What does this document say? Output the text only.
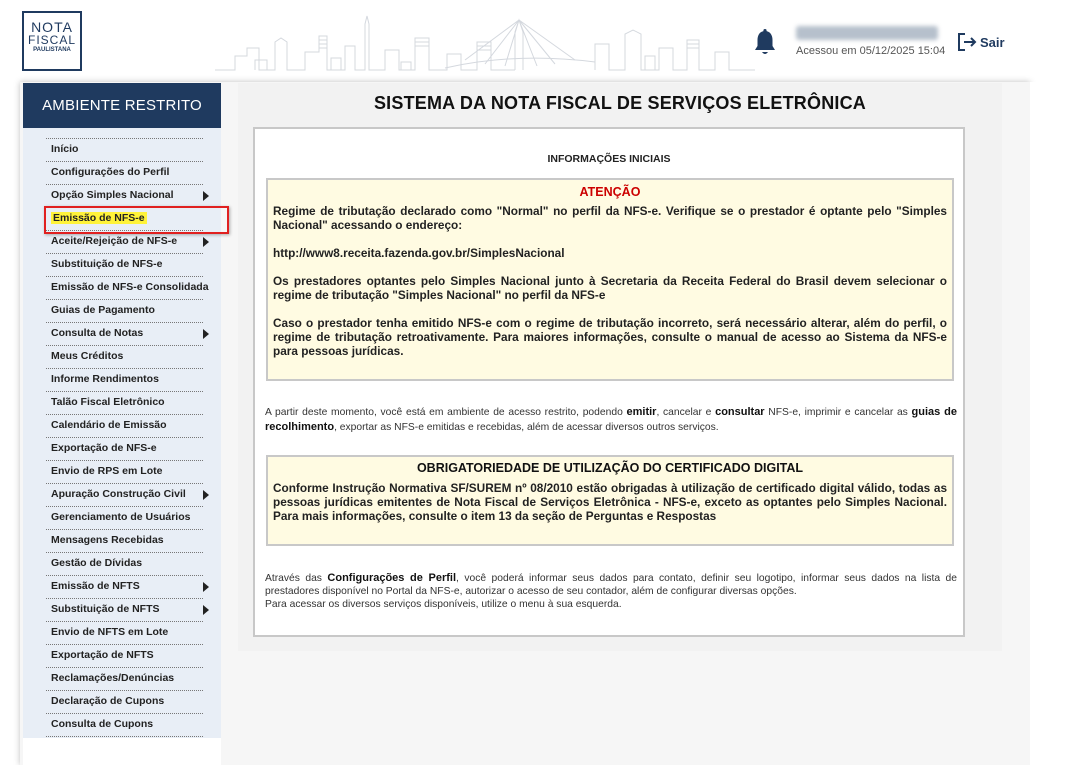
NOTA
FISCAL
PAULISTANA	Acessou em 05/12/2025 15:04
Sair
AMBIENTE RESTRITO
Início
Configurações do Perfil
Opção Simples Nacional
Emissão de NFS-e
Aceite/Rejeição de NFS-e
Substituição de NFS-e
Emissão de NFS-e Consolidada
Guias de Pagamento
Consulta de Notas
Meus Créditos
Informe Rendimentos
Talão Fiscal Eletrônico
Calendário de Emissão
Exportação de NFS-e
Envio de RPS em Lote
Apuração Construção Civil
Gerenciamento de Usuários
Mensagens Recebidas
Gestão de Dívidas
Emissão de NFTS
Substituição de NFTS
Envio de NFTS em Lote
Exportação de NFTS
Reclamações/Denúncias
Declaração de Cupons
Consulta de Cupons
SISTEMA DA NOTA FISCAL DE SERVIÇOS ELETRÔNICA
INFORMAÇÕES INICIAIS
ATENÇÃO

Regime de tributação declarado como "Normal" no perfil da NFS-e. Verifique se o prestador é optante pelo "Simples Nacional" acessando o endereço:

http://www8.receita.fazenda.gov.br/SimplesNacional

Os prestadores optantes pelo Simples Nacional junto à Secretaria da Receita Federal do Brasil devem selecionar o regime de tributação "Simples Nacional" no perfil da NFS-e

Caso o prestador tenha emitido NFS-e com o regime de tributação incorreto, será necessário alterar, além do perfil, o regime de tributação retroativamente. Para maiores informações, consulte o manual de acesso ao Sistema da NFS-e para pessoas jurídicas.

A partir deste momento, você está em ambiente de acesso restrito, podendo emitir, cancelar e consultar NFS-e, imprimir e cancelar as guias de recolhimento, exportar as NFS-e emitidas e recebidas, além de acessar diversos outros serviços.
OBRIGATORIEDADE DE UTILIZAÇÃO DO CERTIFICADO DIGITAL

Conforme Instrução Normativa SF/SUREM nº 08/2010 estão obrigadas à utilização de certificado digital válido, todas as pessoas jurídicas emitentes de Nota Fiscal de Serviços Eletrônica - NFS-e, exceto as optantes pelo Simples Nacional. Para mais informações, consulte o item 13 da seção de Perguntas e Respostas

Através das Configurações de Perfil, você poderá informar seus dados para contato, definir seu logotipo, informar seus dados na lista de prestadores disponível no Portal da NFS-e, autorizar o acesso de seu contador, além de configurar diversas opções.
Para acessar os diversos serviços disponíveis, utilize o menu à sua esquerda.
